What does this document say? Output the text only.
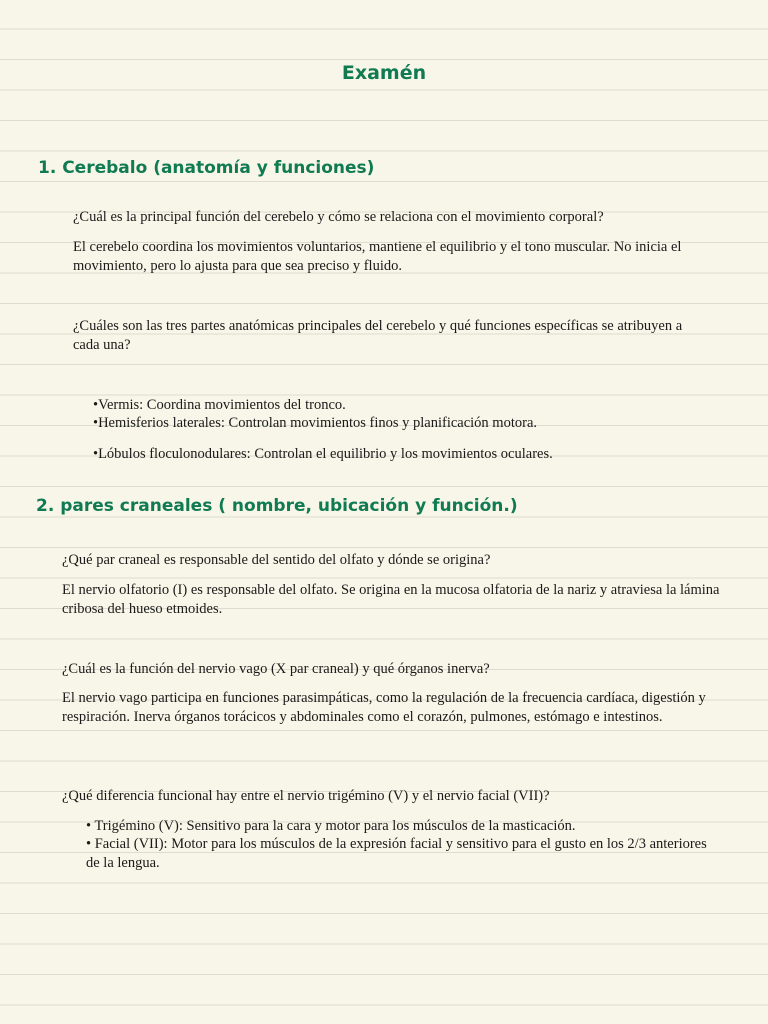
Examén
1. Cerebalo (anatomía y funciones)

¿Cuál es la principal función del cerebelo y cómo se relaciona con el movimiento corporal?

El cerebelo coordina los movimientos voluntarios, mantiene el equilibrio y el tono muscular. No inicia el movimiento, pero lo ajusta para que sea preciso y fluido.

¿Cuáles son las tres partes anatómicas principales del cerebelo y qué funciones específicas se atribuyen a cada una?

•Vermis: Coordina movimientos del tronco.

•Hemisferios laterales: Controlan movimientos finos y planificación motora.

•Lóbulos floculonodulares: Controlan el equilibrio y los movimientos oculares.

2. pares craneales ( nombre, ubicación y función.)

¿Qué par craneal es responsable del sentido del olfato y dónde se origina?

El nervio olfatorio (I) es responsable del olfato. Se origina en la mucosa olfatoria de la nariz y atraviesa la lámina cribosa del hueso etmoides.

¿Cuál es la función del nervio vago (X par craneal) y qué órganos inerva?

El nervio vago participa en funciones parasimpáticas, como la regulación de la frecuencia cardíaca, digestión y respiración. Inerva órganos torácicos y abdominales como el corazón, pulmones, estómago e intestinos.

¿Qué diferencia funcional hay entre el nervio trigémino (V) y el nervio facial (VII)?

• Trigémino (V): Sensitivo para la cara y motor para los músculos de la masticación.

• Facial (VII): Motor para los músculos de la expresión facial y sensitivo para el gusto en los 2/3 anteriores de la lengua.
